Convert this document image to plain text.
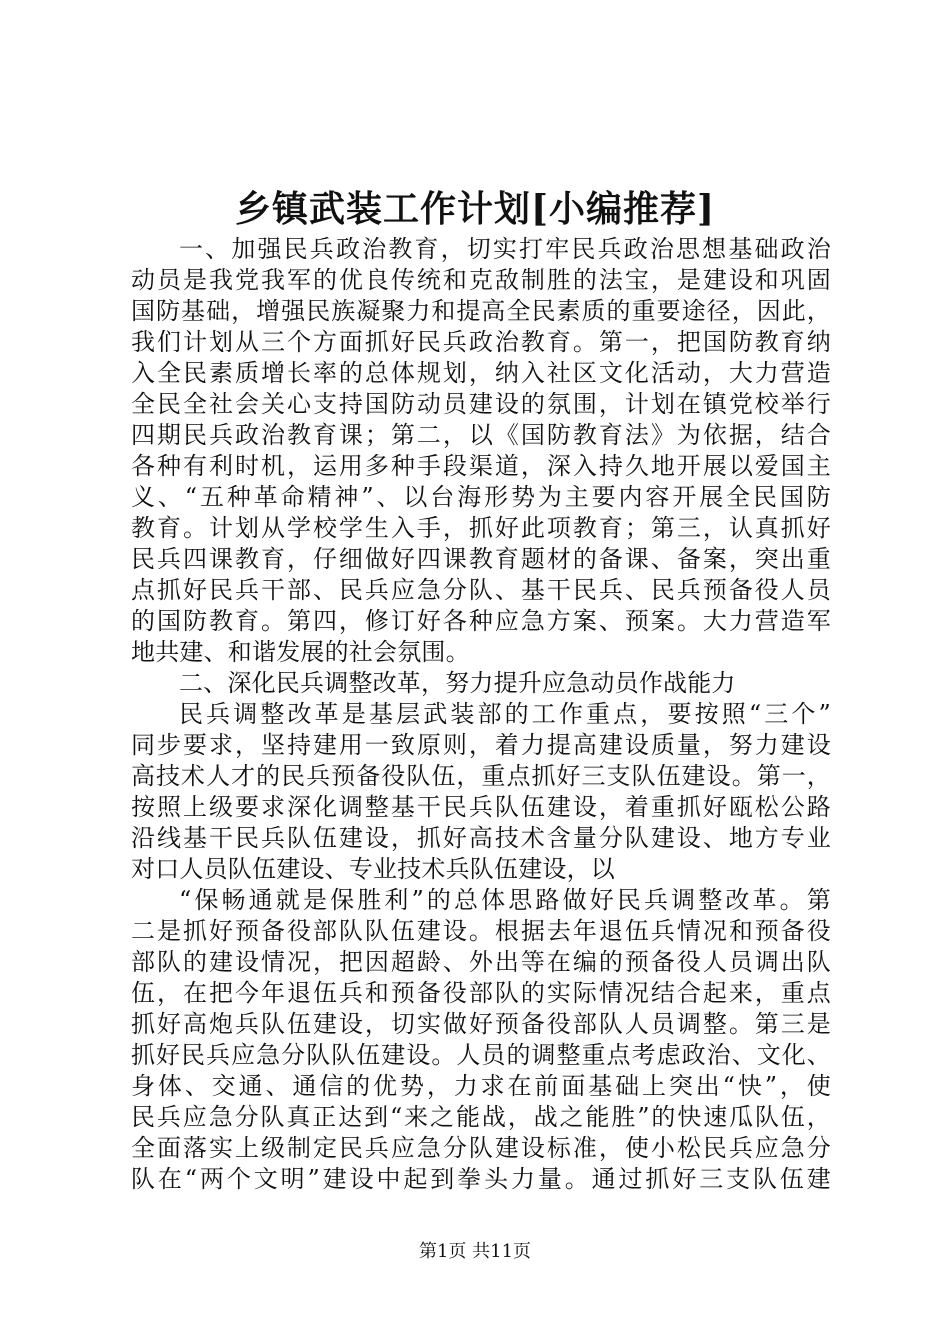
乡镇武装工作计划[小编推荐]
一、加强民兵政治教育，切实打牢民兵政治思想基础政治
动员是我党我军的优良传统和克敌制胜的法宝，是建设和巩固
国防基础，增强民族凝聚力和提高全民素质的重要途径，因此，
我们计划从三个方面抓好民兵政治教育。第一，把国防教育纳
入全民素质增长率的总体规划，纳入社区文化活动，大力营造
全民全社会关心支持国防动员建设的氛围，计划在镇党校举行
四期民兵政治教育课；第二，以《国防教育法》为依据，结合
各种有利时机，运用多种手段渠道，深入持久地开展以爱国主
义、“五种革命精神”、以台海形势为主要内容开展全民国防
教育。计划从学校学生入手，抓好此项教育；第三，认真抓好
民兵四课教育，仔细做好四课教育题材的备课、备案，突出重
点抓好民兵干部、民兵应急分队、基干民兵、民兵预备役人员
的国防教育。第四，修订好各种应急方案、预案。大力营造军
地共建、和谐发展的社会氛围。
二、深化民兵调整改革，努力提升应急动员作战能力
民兵调整改革是基层武装部的工作重点，要按照“三个”
同步要求，坚持建用一致原则，着力提高建设质量，努力建设
高技术人才的民兵预备役队伍，重点抓好三支队伍建设。第一，
按照上级要求深化调整基干民兵队伍建设，着重抓好瓯松公路
沿线基干民兵队伍建设，抓好高技术含量分队建设、地方专业
对口人员队伍建设、专业技术兵队伍建设，以
“保畅通就是保胜利”的总体思路做好民兵调整改革。第
二是抓好预备役部队队伍建设。根据去年退伍兵情况和预备役
部队的建设情况，把因超龄、外出等在编的预备役人员调出队
伍，在把今年退伍兵和预备役部队的实际情况结合起来，重点
抓好高炮兵队伍建设，切实做好预备役部队人员调整。第三是
抓好民兵应急分队队伍建设。人员的调整重点考虑政治、文化、
身体、交通、通信的优势，力求在前面基础上突出“快”，使
民兵应急分队真正达到“来之能战，战之能胜”的快速瓜队伍，
全面落实上级制定民兵应急分队建设标准，使小松民兵应急分
队在“两个文明”建设中起到拳头力量。通过抓好三支队伍建
第1页 共11页
